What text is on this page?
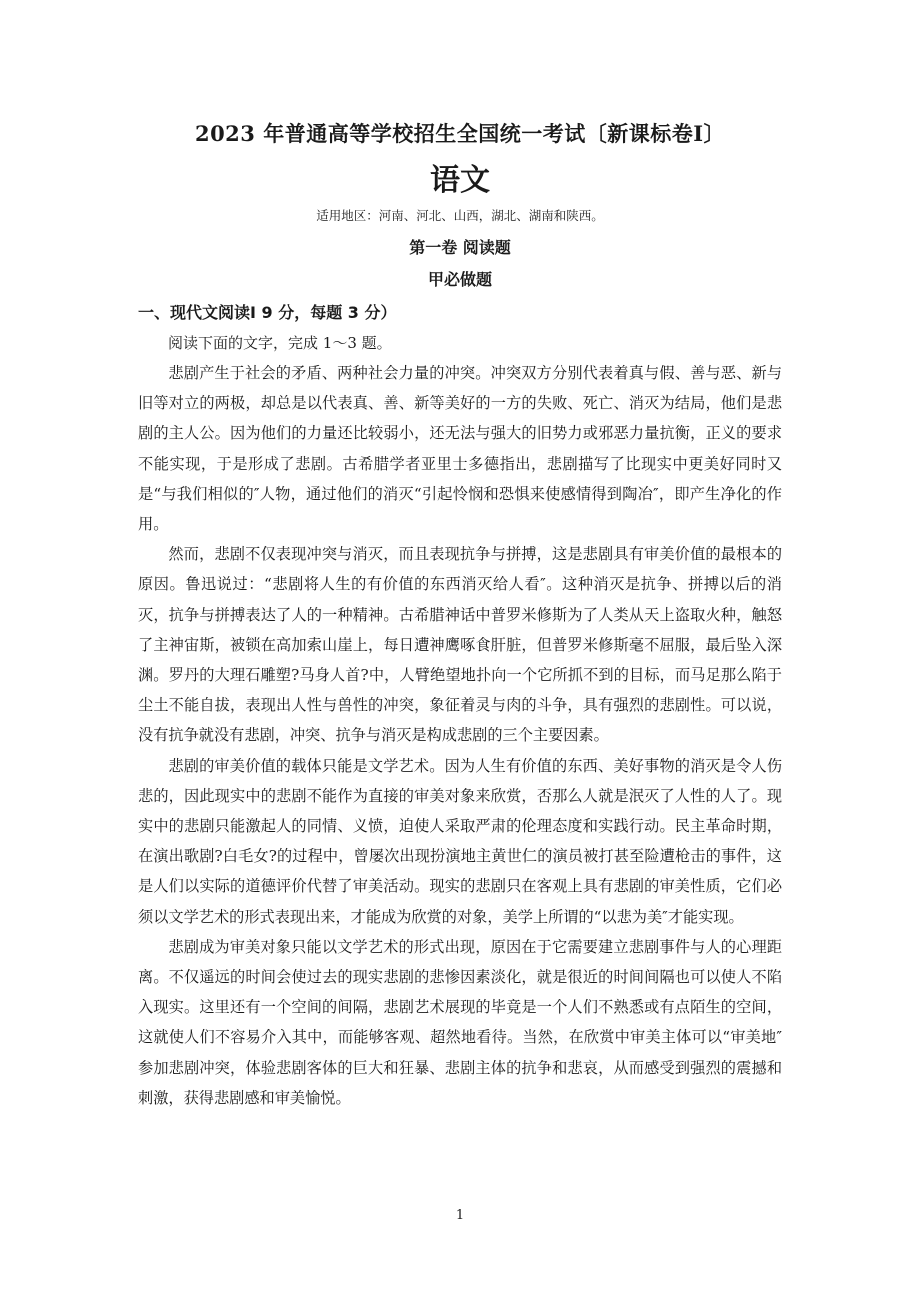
2023 年普通高等学校招生全国统一考试〔新课标卷Ⅰ〕
语文

适用地区：河南、河北、山西，湖北、湖南和陕西。

第一卷 阅读题

甲必做题

一、现代文阅读Ⅰ 9 分，每题 3 分）

阅读下面的文字，完成 1～3 题。

悲剧产生于社会的矛盾、两种社会力量的冲突。冲突双方分别代表着真与假、善与恶、新与旧等对立的两极，却总是以代表真、善、新等美好的一方的失败、死亡、消灭为结局，他们是悲剧的主人公。因为他们的力量还比较弱小，还无法与强大的旧势力或邪恶力量抗衡，正义的要求不能实现，于是形成了悲剧。古希腊学者亚里士多德指出，悲剧描写了比现实中更美好同时又是“与我们相似的″人物，通过他们的消灭“引起怜悯和恐惧来使感情得到陶冶″，即产生净化的作用。

然而，悲剧不仅表现冲突与消灭，而且表现抗争与拼搏，这是悲剧具有审美价值的最根本的原因。鲁迅说过：“悲剧将人生的有价值的东西消灭给人看″。这种消灭是抗争、拼搏以后的消灭，抗争与拼搏表达了人的一种精神。古希腊神话中普罗米修斯为了人类从天上盗取火种，触怒了主神宙斯，被锁在高加索山崖上，每日遭神鹰啄食肝脏，但普罗米修斯毫不屈服，最后坠入深渊。罗丹的大理石雕塑?马身人首?中，人臂绝望地扑向一个它所抓不到的目标，而马足那么陷于尘土不能自拔，表现出人性与兽性的冲突，象征着灵与肉的斗争，具有强烈的悲剧性。可以说，没有抗争就没有悲剧，冲突、抗争与消灭是构成悲剧的三个主要因素。

悲剧的审美价值的载体只能是文学艺术。因为人生有价值的东西、美好事物的消灭是令人伤悲的，因此现实中的悲剧不能作为直接的审美对象来欣赏，否那么人就是泯灭了人性的人了。现实中的悲剧只能激起人的同情、义愤，迫使人采取严肃的伦理态度和实践行动。民主革命时期，在演出歌剧?白毛女?的过程中，曾屡次出现扮演地主黄世仁的演员被打甚至险遭枪击的事件，这是人们以实际的道德评价代替了审美活动。现实的悲剧只在客观上具有悲剧的审美性质，它们必须以文学艺术的形式表现出来，才能成为欣赏的对象，美学上所谓的“以悲为美″才能实现。

悲剧成为审美对象只能以文学艺术的形式出现，原因在于它需要建立悲剧事件与人的心理距离。不仅遥远的时间会使过去的现实悲剧的悲惨因素淡化，就是很近的时间间隔也可以使人不陷入现实。这里还有一个空间的间隔，悲剧艺术展现的毕竟是一个人们不熟悉或有点陌生的空间，这就使人们不容易介入其中，而能够客观、超然地看待。当然，在欣赏中审美主体可以“审美地″参加悲剧冲突，体验悲剧客体的巨大和狂暴、悲剧主体的抗争和悲哀，从而感受到强烈的震撼和刺激，获得悲剧感和审美愉悦。

1
